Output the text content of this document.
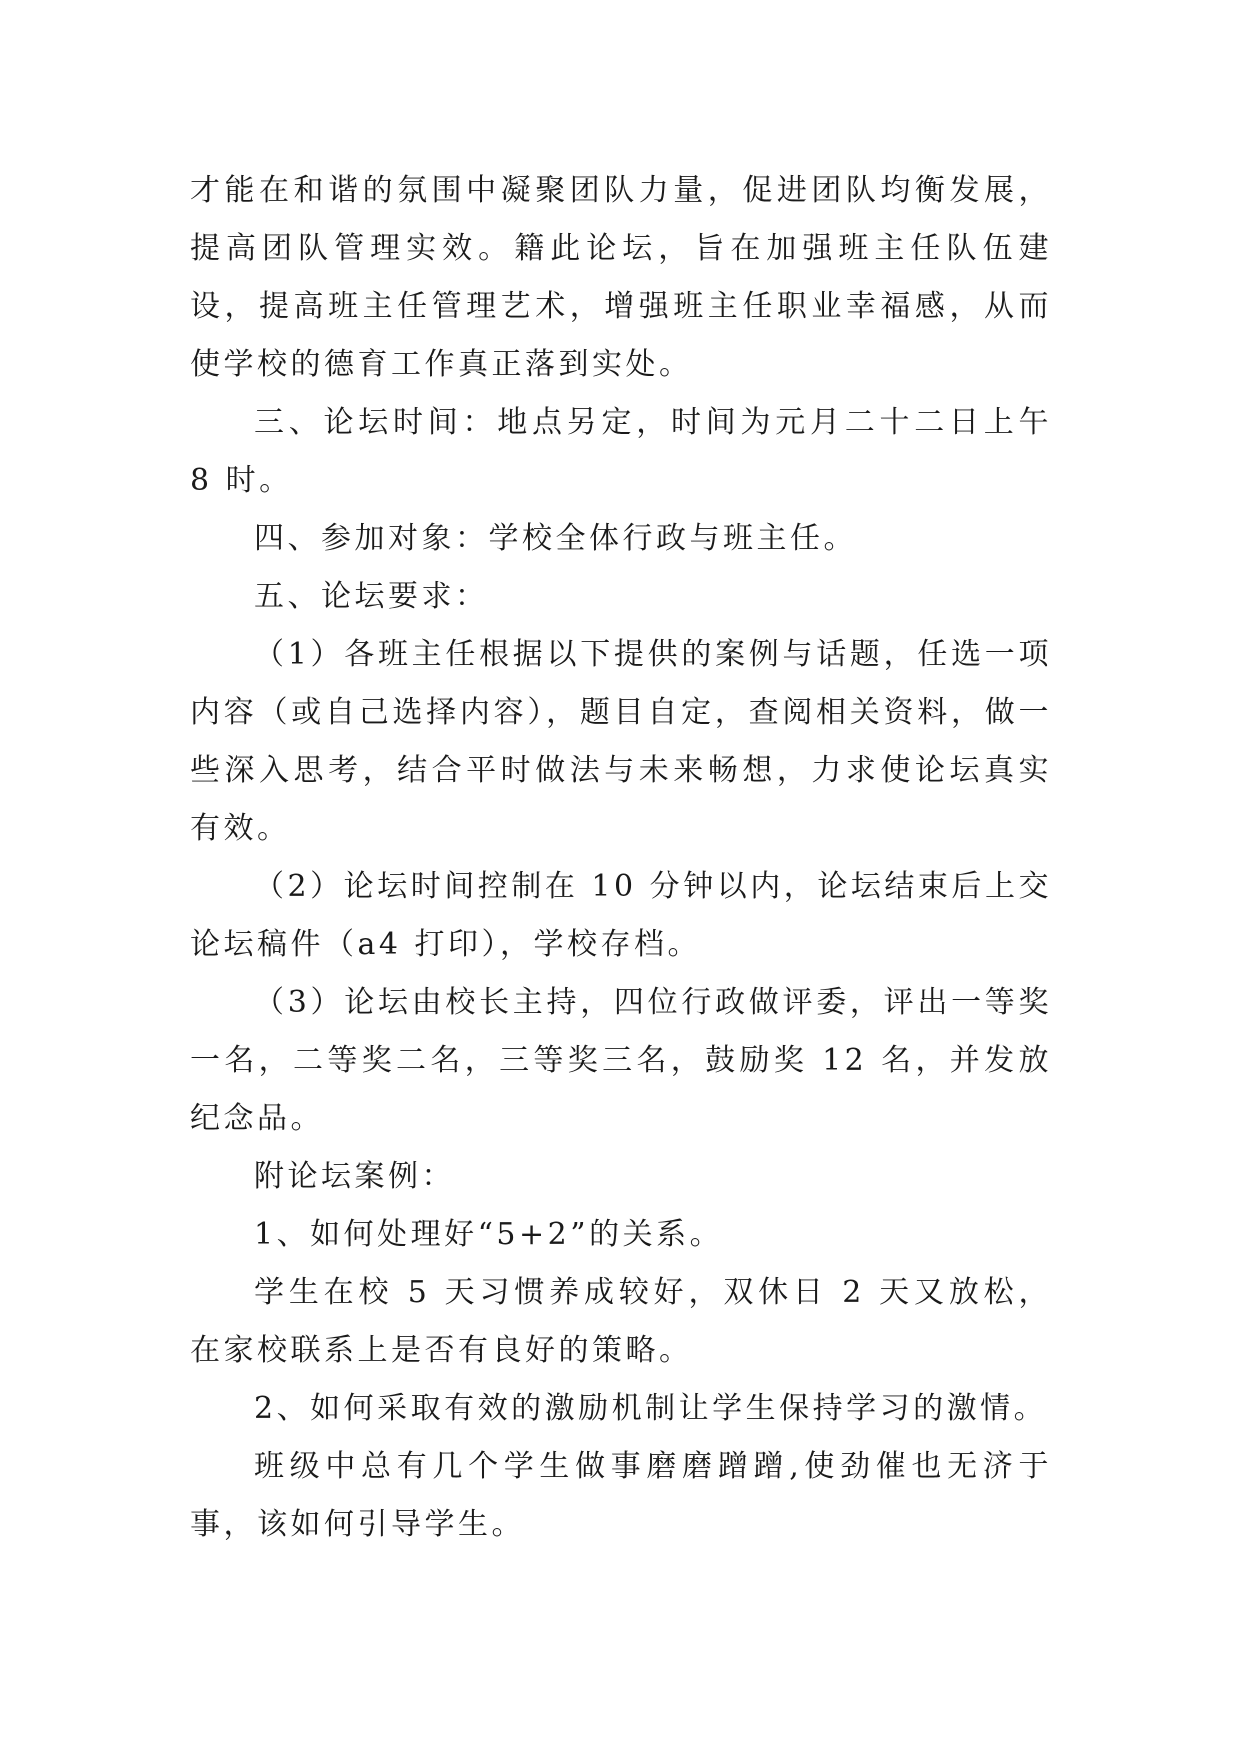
才能在和谐的氛围中凝聚团队力量，促进团队均衡发展，提高团队管理实效。籍此论坛，旨在加强班主任队伍建设，提高班主任管理艺术，增强班主任职业幸福感，从而使学校的德育工作真正落到实处。

三、论坛时间：地点另定，时间为元月二十二日上午 8 时。

四、参加对象：学校全体行政与班主任。

五、论坛要求：

（1）各班主任根据以下提供的案例与话题，任选一项内容（或自己选择内容），题目自定，查阅相关资料，做一些深入思考，结合平时做法与未来畅想，力求使论坛真实有效。

（2）论坛时间控制在 10 分钟以内，论坛结束后上交论坛稿件（a4 打印），学校存档。

（3）论坛由校长主持，四位行政做评委，评出一等奖一名，二等奖二名，三等奖三名，鼓励奖 12 名，并发放纪念品。

附论坛案例：

1、如何处理好“5+2”的关系。

学生在校 5 天习惯养成较好，双休日 2 天又放松，在家校联系上是否有良好的策略。

2、如何采取有效的激励机制让学生保持学习的激情。

班级中总有几个学生做事磨磨蹭蹭,使劲催也无济于事，该如何引导学生。
